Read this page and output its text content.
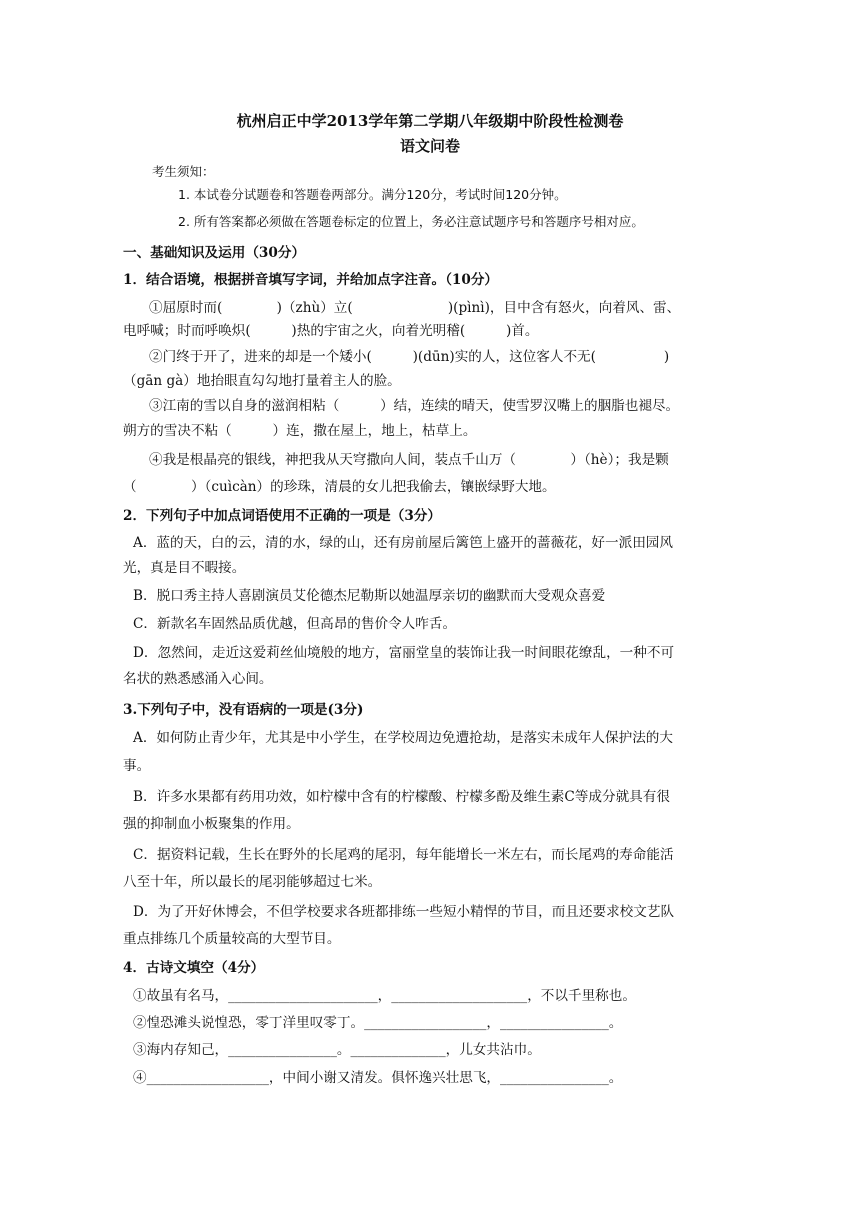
杭州启正中学2013学年第二学期八年级期中阶段性检测卷
语文问卷
考生须知：
1. 本试卷分试题卷和答题卷两部分。满分120分，考试时间120分钟。
2. 所有答案都必须做在答题卷标定的位置上，务必注意试题序号和答题序号相对应。
一、基础知识及运用（30分）
1．结合语境，根据拼音填写字词，并给加点字注音。（10分）
①屈原时而(　　　　)（zhù）立(　　　　　　　)(pìnì)，目中含有怒火，向着风、雷、
电呼喊；时而呼唤炽(　　　)热的宇宙之火，向着光明稽(　　　)首。
②门终于开了，进来的却是一个矮小(　　　)(dūn)实的人，这位客人不无(　　　　　)
（gān gà）地抬眼直勾勾地打量着主人的脸。
③江南的雪以自身的滋润相粘（　　　）结，连续的晴天，使雪罗汉嘴上的胭脂也褪尽。
朔方的雪决不粘（　　　）连，撒在屋上，地上，枯草上。
④我是根晶亮的银线，神把我从天穹撒向人间，装点千山万（　　　　）（hè）；我是颗
（　　　　）（cuìcàn）的珍珠，清晨的女儿把我偷去，镶嵌绿野大地。
2．下列句子中加点词语使用不正确的一项是（3分）
A．蓝的天，白的云，清的水，绿的山，还有房前屋后篱笆上盛开的蔷薇花，好一派田园风
光，真是目不暇接。
B．脱口秀主持人喜剧演员艾伦德杰尼勒斯以她温厚亲切的幽默而大受观众喜爱
C．新款名车固然品质优越，但高昂的售价令人咋舌。
D．忽然间，走近这爱莉丝仙境般的地方，富丽堂皇的装饰让我一时间眼花缭乱，一种不可
名状的熟悉感涌入心间。
3.下列句子中，没有语病的一项是(3分)
A．如何防止青少年，尤其是中小学生，在学校周边免遭抢劫，是落实未成年人保护法的大
事。
B．许多水果都有药用功效，如柠檬中含有的柠檬酸、柠檬多酚及维生素C等成分就具有很
强的抑制血小板聚集的作用。
C．据资料记载，生长在野外的长尾鸡的尾羽，每年能增长一米左右，而长尾鸡的寿命能活
八至十年，所以最长的尾羽能够超过七米。
D．为了开好休博会，不但学校要求各班都排练一些短小精悍的节目，而且还要求校文艺队
重点排练几个质量较高的大型节目。
4．古诗文填空（4分）
①故虽有名马，______________________，____________________，不以千里称也。
②惶恐滩头说惶恐，零丁洋里叹零丁。__________________，________________。
③海内存知己，________________。______________，儿女共沾巾。
④__________________，中间小谢又清发。俱怀逸兴壮思飞，________________。
